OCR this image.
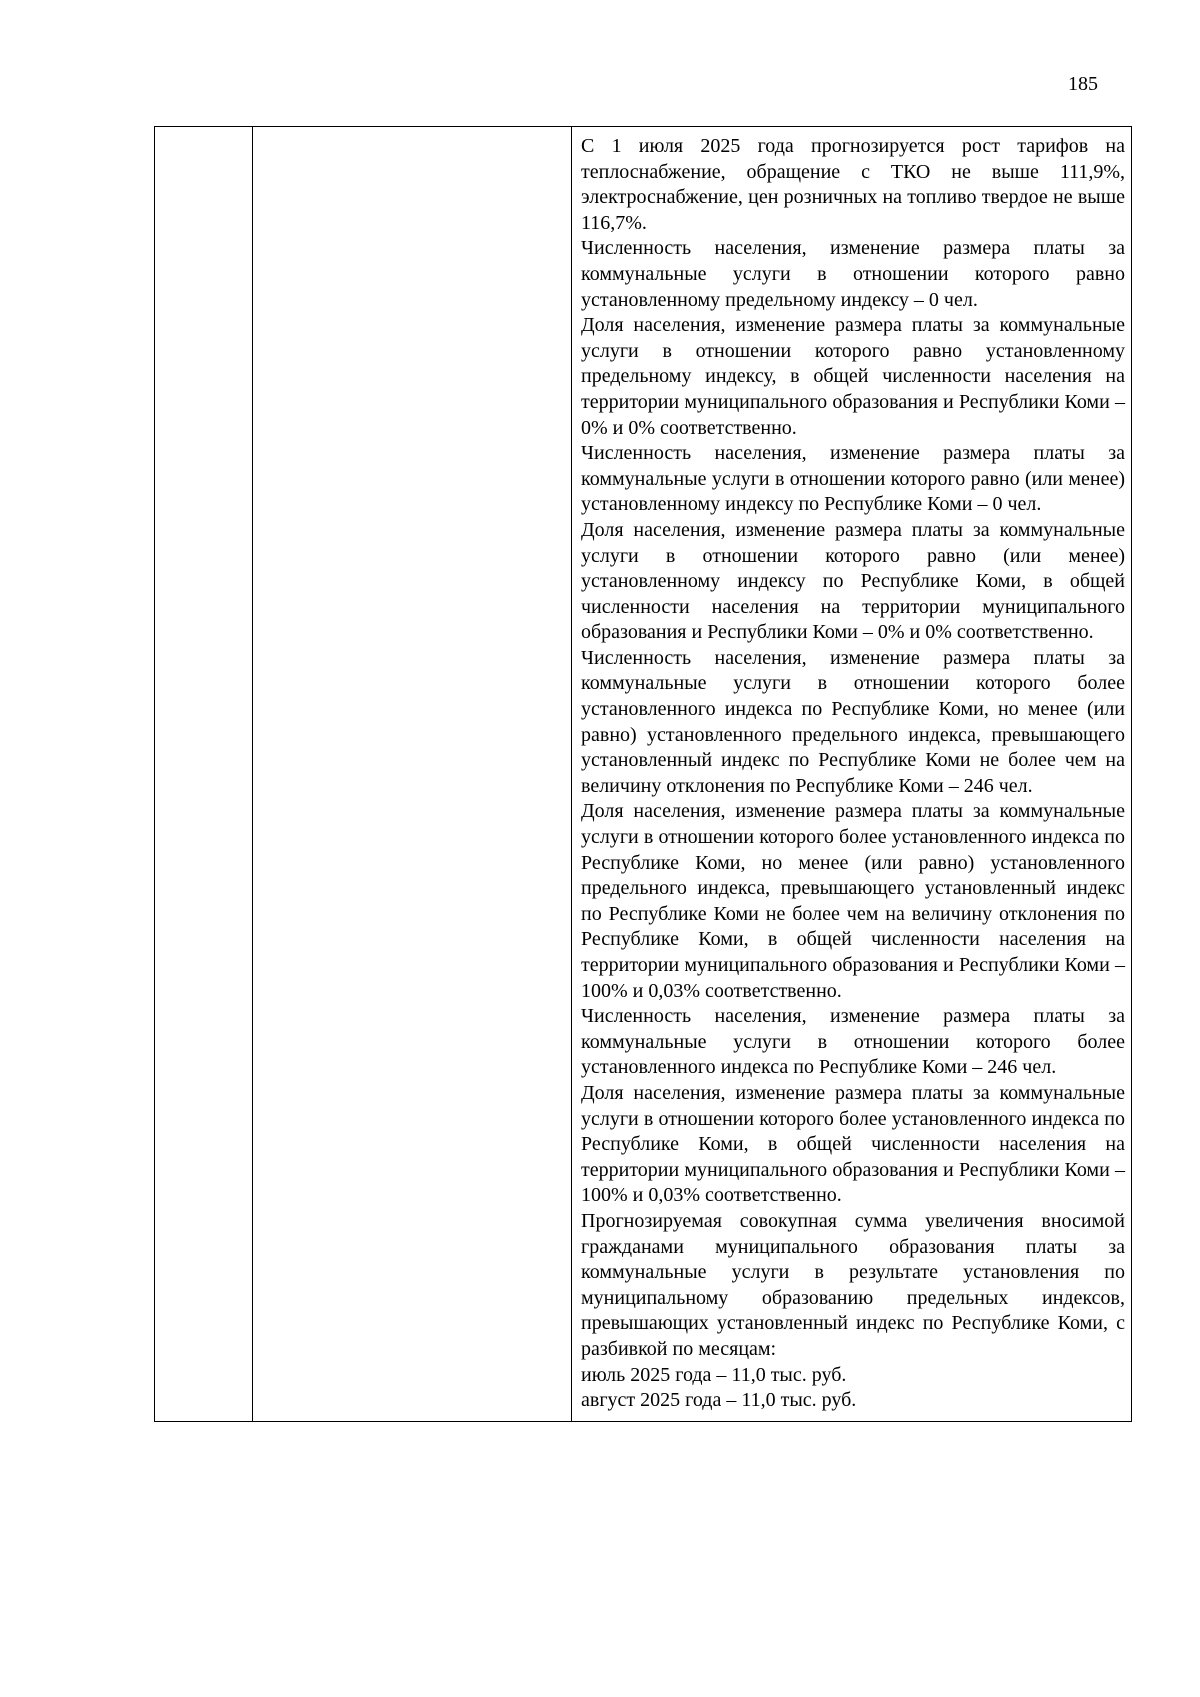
185

С 1 июля 2025 года прогнозируется рост тарифов на теплоснабжение, обращение с ТКО не выше 111,9%, электроснабжение, цен розничных на топливо твердое не выше 116,7%.

Численность населения, изменение размера платы за коммунальные услуги в отношении которого равно установленному предельному индексу – 0 чел.

Доля населения, изменение размера платы за коммунальные услуги в отношении которого равно установленному предельному индексу, в общей численности населения на территории муниципального образования и Республики Коми – 0% и 0% соответственно.

Численность населения, изменение размера платы за коммунальные услуги в отношении которого равно (или менее) установленному индексу по Республике Коми – 0 чел.

Доля населения, изменение размера платы за коммунальные услуги в отношении которого равно (или менее) установленному индексу по Республике Коми, в общей численности населения на территории муниципального образования и Республики Коми – 0% и 0% соответственно.

Численность населения, изменение размера платы за коммунальные услуги в отношении которого более установленного индекса по Республике Коми, но менее (или равно) установленного предельного индекса, превышающего установленный индекс по Республике Коми не более чем на величину отклонения по Республике Коми – 246 чел.

Доля населения, изменение размера платы за коммунальные услуги в отношении которого более установленного индекса по Республике Коми, но менее (или равно) установленного предельного индекса, превышающего установленный индекс по Республике Коми не более чем на величину отклонения по Республике Коми, в общей численности населения на территории муниципального образования и Республики Коми – 100% и 0,03% соответственно.

Численность населения, изменение размера платы за коммунальные услуги в отношении которого более установленного индекса по Республике Коми – 246 чел.

Доля населения, изменение размера платы за коммунальные услуги в отношении которого более установленного индекса по Республике Коми, в общей численности населения на территории муниципального образования и Республики Коми – 100% и 0,03% соответственно.

Прогнозируемая совокупная сумма увеличения вносимой гражданами муниципального образования платы за коммунальные услуги в результате установления по муниципальному образованию предельных индексов, превышающих установленный индекс по Республике Коми, с разбивкой по месяцам:

июль 2025 года – 11,0 тыс. руб.

август 2025 года – 11,0 тыс. руб.
